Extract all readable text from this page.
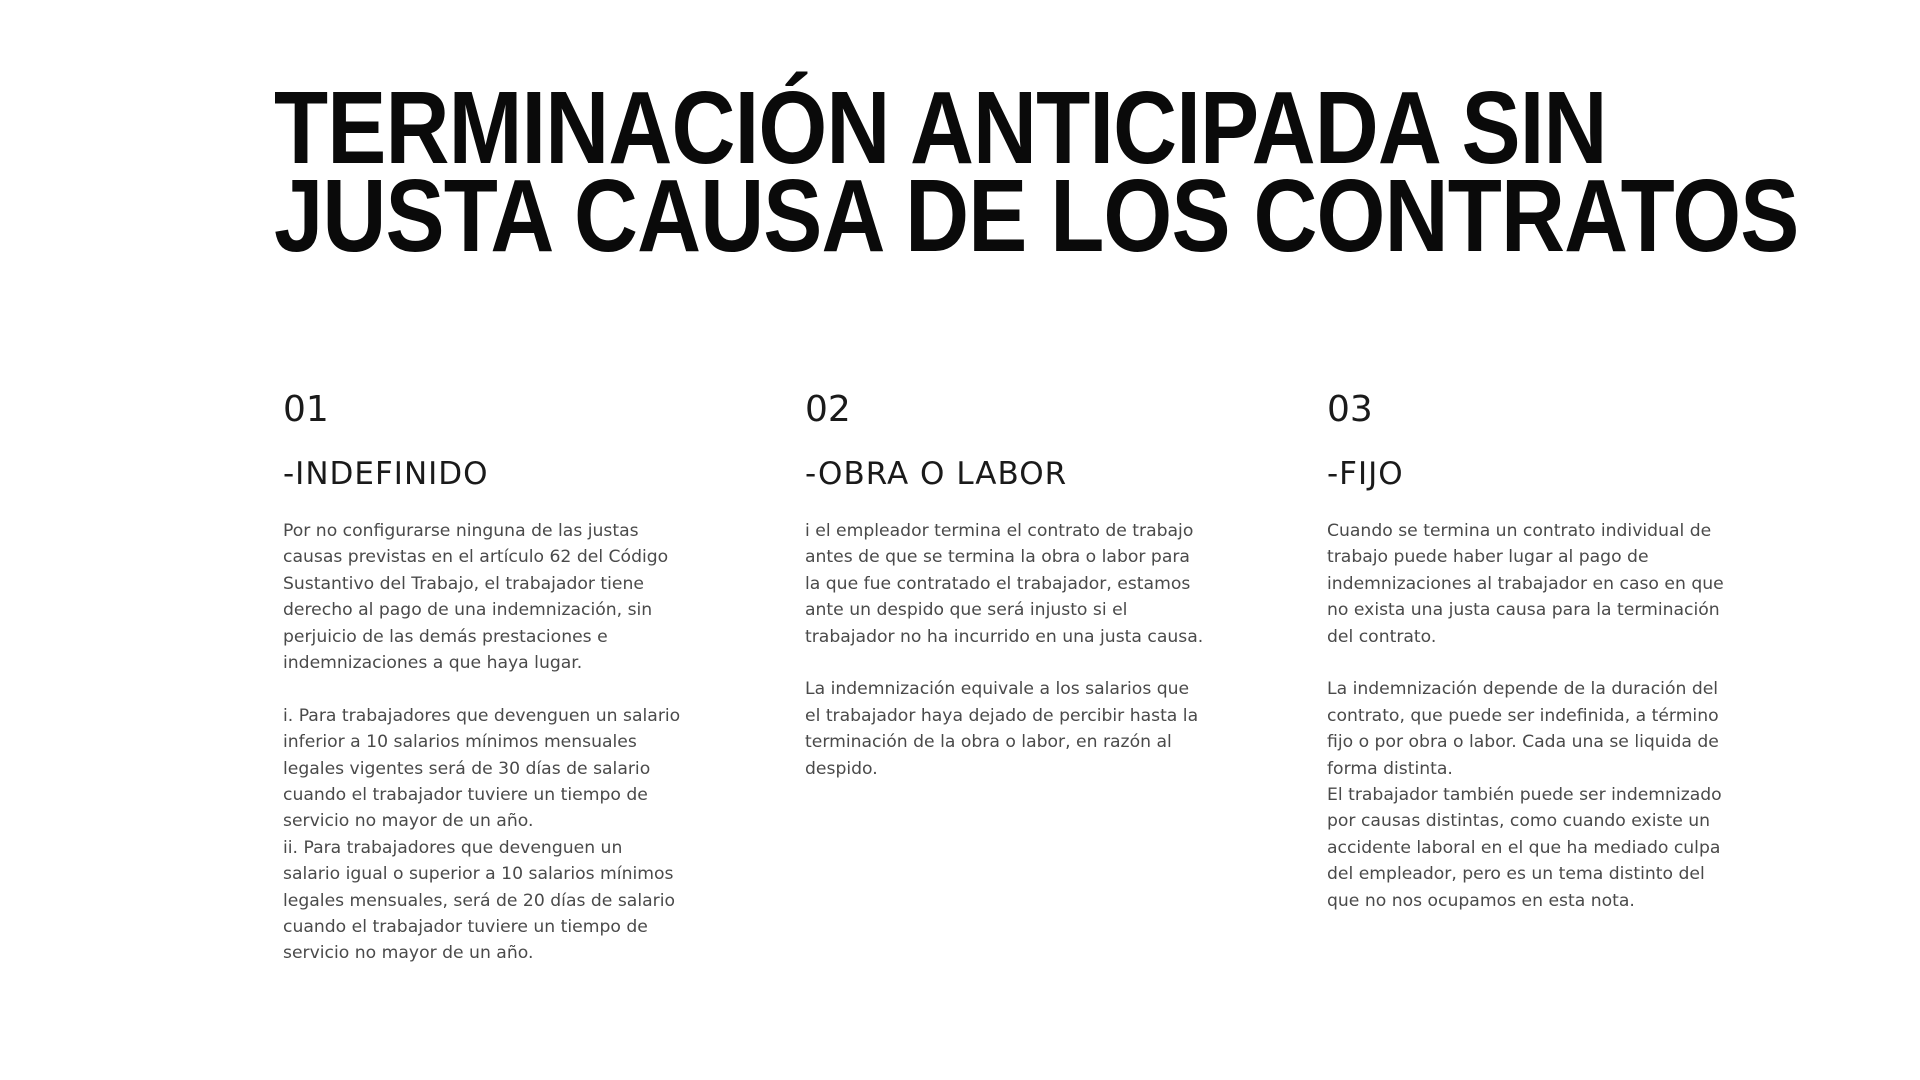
TERMINACIÓN ANTICIPADA SIN
JUSTA CAUSA DE LOS CONTRATOS
01
-INDEFINIDO

Por no configurarse ninguna de las justas causas previstas en el artículo 62 del Código Sustantivo del Trabajo, el trabajador tiene derecho al pago de una indemnización, sin perjuicio de las demás prestaciones e indemnizaciones a que haya lugar.

i. Para trabajadores que devenguen un salario inferior a 10 salarios mínimos mensuales legales vigentes será de 30 días de salario cuando el trabajador tuviere un tiempo de servicio no mayor de un año.

ii. Para trabajadores que devenguen un salario igual o superior a 10 salarios mínimos legales mensuales, será de 20 días de salario cuando el trabajador tuviere un tiempo de servicio no mayor de un año.

02
-OBRA O LABOR

i el empleador termina el contrato de trabajo antes de que se termina la obra o labor para la que fue contratado el trabajador, estamos ante un despido que será injusto si el trabajador no ha incurrido en una justa causa.

La indemnización equivale a los salarios que el trabajador haya dejado de percibir hasta la terminación de la obra o labor, en razón al despido.

03
-FIJO

Cuando se termina un contrato individual de trabajo puede haber lugar al pago de indemnizaciones al trabajador en caso en que no exista una justa causa para la terminación del contrato.

La indemnización depende de la duración del contrato, que puede ser indefinida, a término fijo o por obra o labor. Cada una se liquida de forma distinta.

El trabajador también puede ser indemnizado por causas distintas, como cuando existe un accidente laboral en el que ha mediado culpa del empleador, pero es un tema distinto del que no nos ocupamos en esta nota.
